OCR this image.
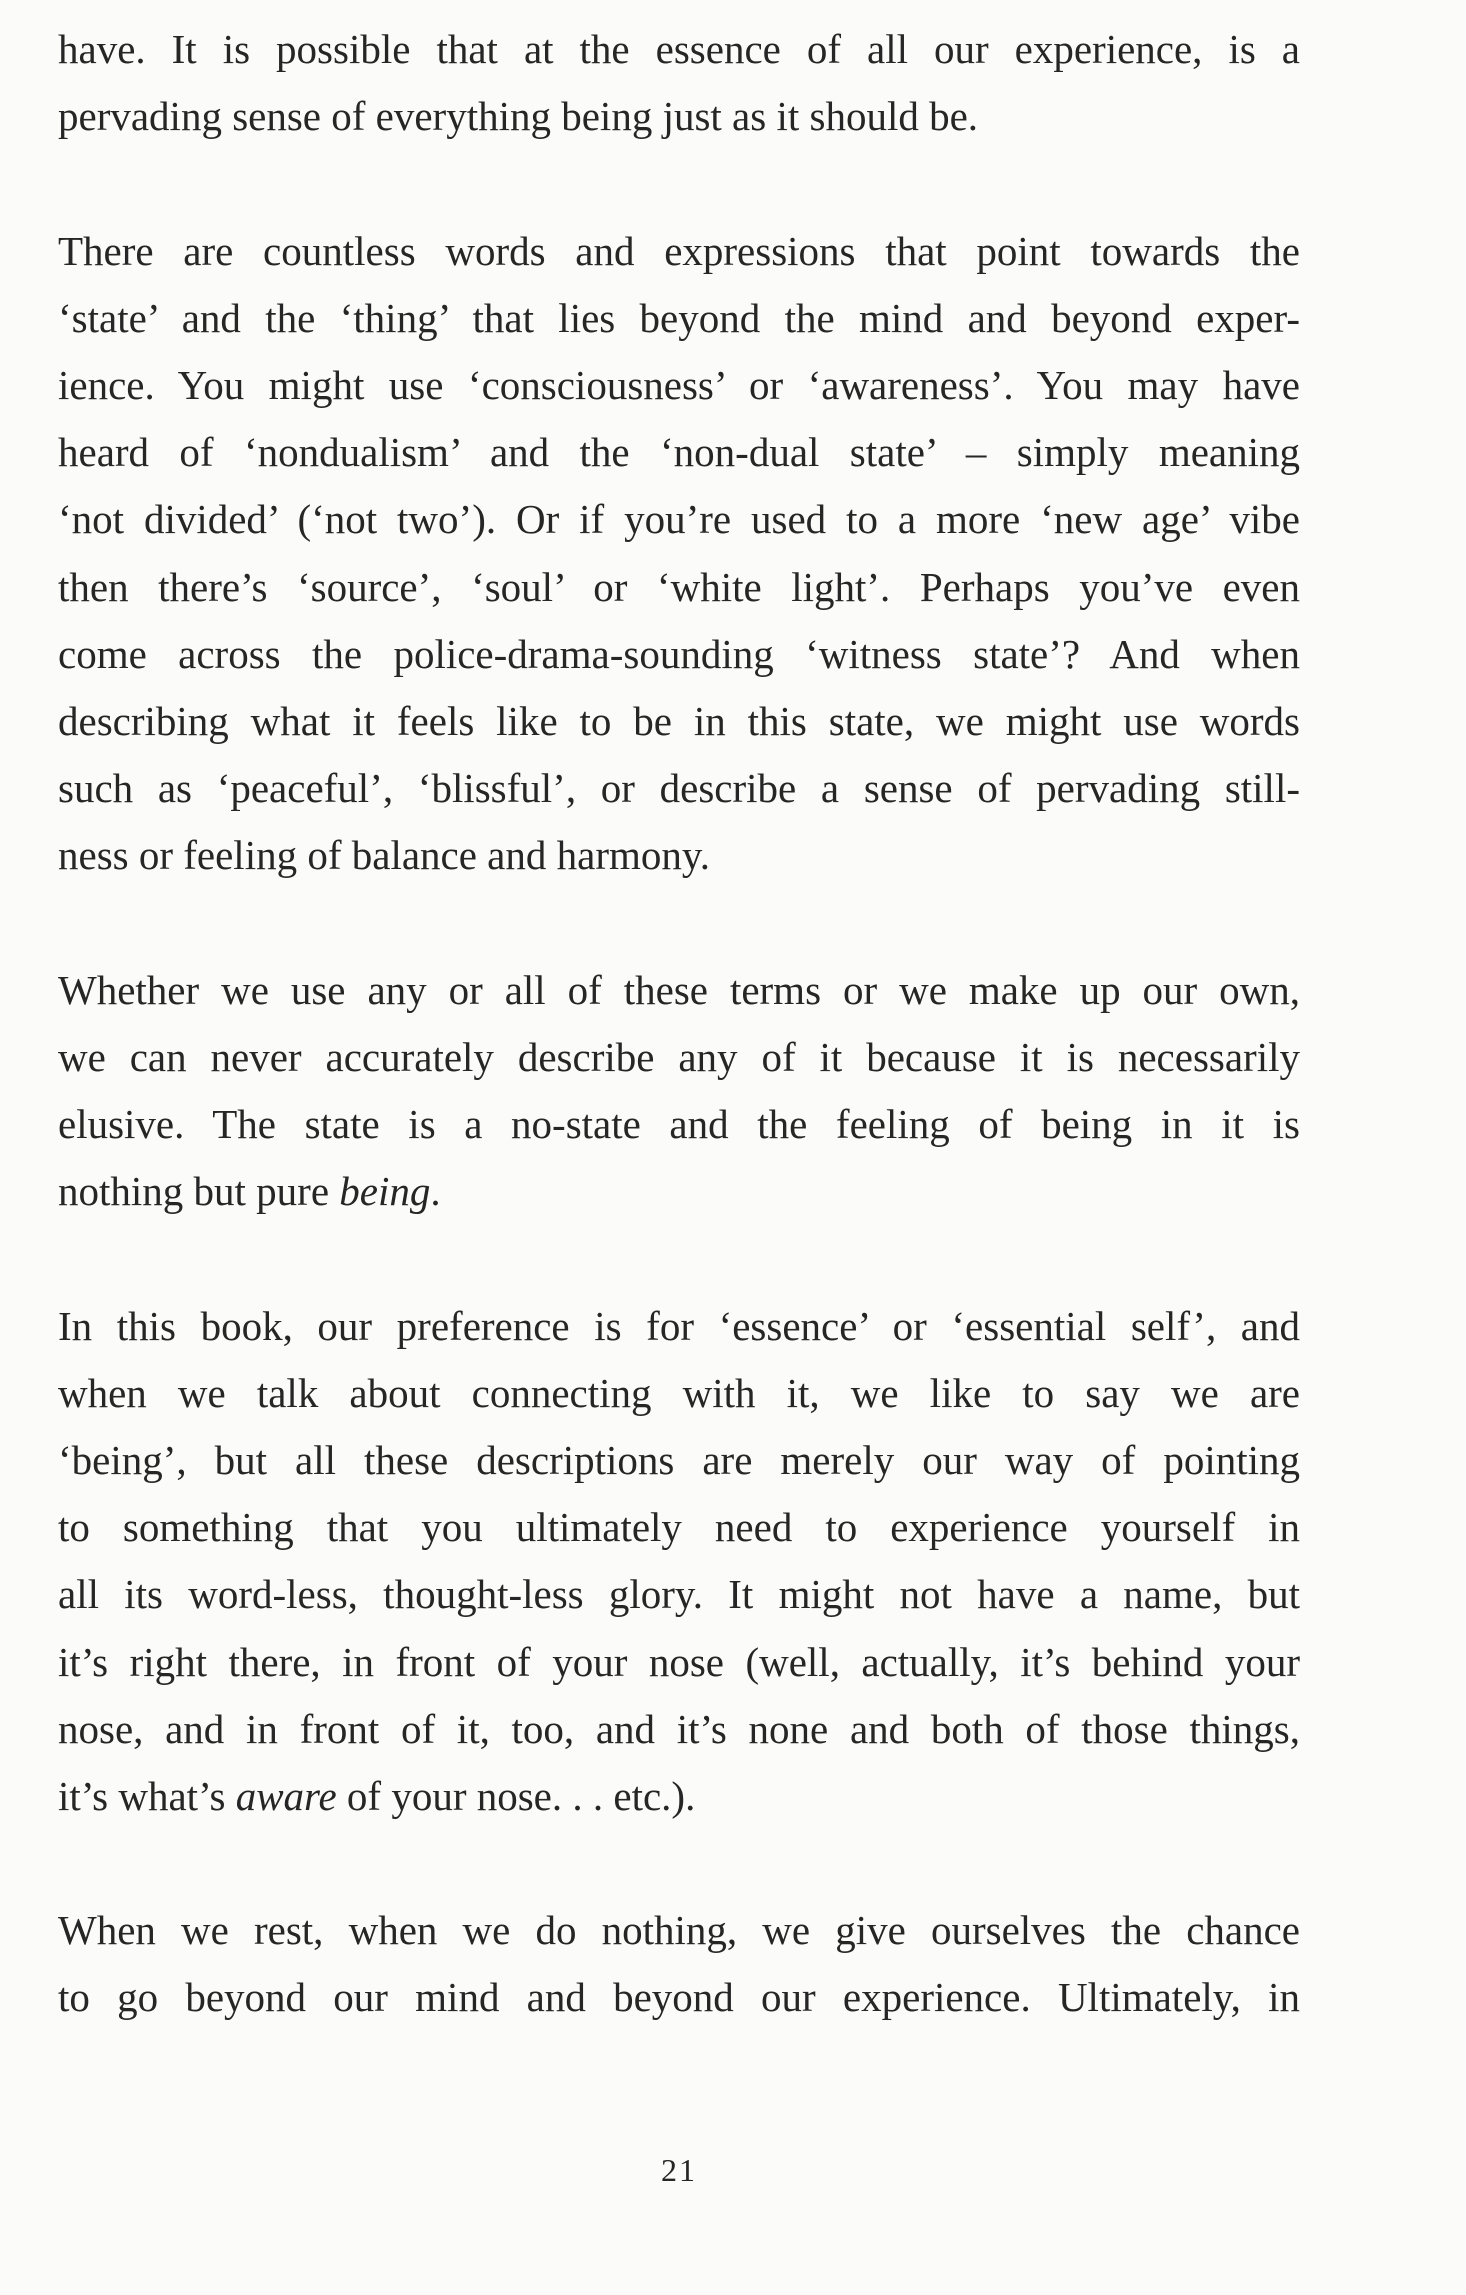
have. It is possible that at the essence of all our experience, is a
pervading sense of everything being just as it should be.
There are countless words and expressions that point towards the
‘state’ and the ‘thing’ that lies beyond the mind and beyond exper-
ience. You might use ‘consciousness’ or ‘awareness’. You may have
heard of ‘nondualism’ and the ‘non-dual state’ – simply meaning
‘not divided’ (‘not two’). Or if you’re used to a more ‘new age’ vibe
then there’s ‘source’, ‘soul’ or ‘white light’. Perhaps you’ve even
come across the police-drama-sounding ‘witness state’? And when
describing what it feels like to be in this state, we might use words
such as ‘peaceful’, ‘blissful’, or describe a sense of pervading still-
ness or feeling of balance and harmony.
Whether we use any or all of these terms or we make up our own,
we can never accurately describe any of it because it is necessarily
elusive. The state is a no-state and the feeling of being in it is
nothing but pure being.
In this book, our preference is for ‘essence’ or ‘essential self’, and
when we talk about connecting with it, we like to say we are
‘being’, but all these descriptions are merely our way of pointing
to something that you ultimately need to experience yourself in
all its word-less, thought-less glory. It might not have a name, but
it’s right there, in front of your nose (well, actually, it’s behind your
nose, and in front of it, too, and it’s none and both of those things,
it’s what’s aware of your nose. . . etc.).
When we rest, when we do nothing, we give ourselves the chance
to go beyond our mind and beyond our experience. Ultimately, in
21
